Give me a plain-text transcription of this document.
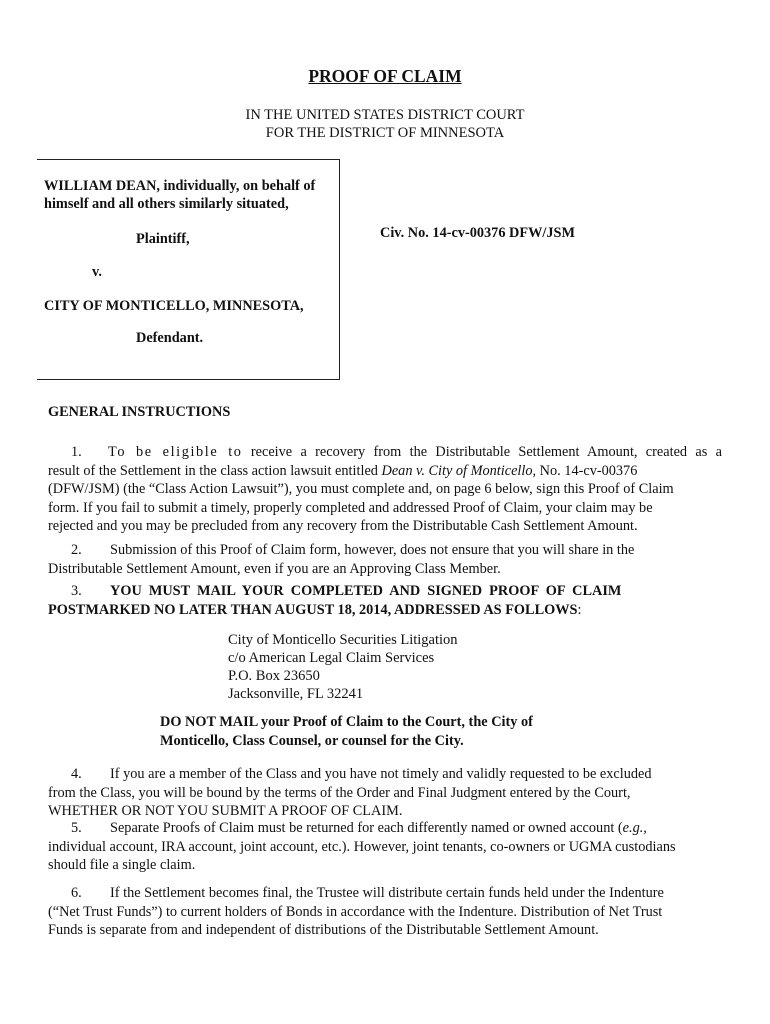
PROOF OF CLAIM
IN THE UNITED STATES DISTRICT COURT
FOR THE DISTRICT OF MINNESOTA
WILLIAM DEAN, individually, on behalf of
himself and all others similarly situated,
Plaintiff,
v.
CITY OF MONTICELLO, MINNESOTA,
Defendant.
Civ. No. 14-cv-00376 DFW/JSM
GENERAL INSTRUCTIONS
1. To be eligible to receive a recovery from the Distributable Settlement Amount, created as a
result of the Settlement in the class action lawsuit entitled Dean v. City of Monticello, No. 14-cv-00376
(DFW/JSM) (the “Class Action Lawsuit”), you must complete and, on page 6 below, sign this Proof of Claim
form. If you fail to submit a timely, properly completed and addressed Proof of Claim, your claim may be
rejected and you may be precluded from any recovery from the Distributable Cash Settlement Amount.
2. Submission of this Proof of Claim form, however, does not ensure that you will share in the
Distributable Settlement Amount, even if you are an Approving Class Member.
3. YOU MUST MAIL YOUR COMPLETED AND SIGNED PROOF OF CLAIM
POSTMARKED NO LATER THAN AUGUST 18, 2014, ADDRESSED AS FOLLOWS:
City of Monticello Securities Litigation
c/o American Legal Claim Services
P.O. Box 23650
Jacksonville, FL 32241
DO NOT MAIL your Proof of Claim to the Court, the City of
Monticello, Class Counsel, or counsel for the City.
4. If you are a member of the Class and you have not timely and validly requested to be excluded
from the Class, you will be bound by the terms of the Order and Final Judgment entered by the Court,
WHETHER OR NOT YOU SUBMIT A PROOF OF CLAIM.
5. Separate Proofs of Claim must be returned for each differently named or owned account (e.g.,
individual account, IRA account, joint account, etc.). However, joint tenants, co-owners or UGMA custodians
should file a single claim.
6. If the Settlement becomes final, the Trustee will distribute certain funds held under the Indenture
(“Net Trust Funds”) to current holders of Bonds in accordance with the Indenture. Distribution of Net Trust
Funds is separate from and independent of distributions of the Distributable Settlement Amount.
